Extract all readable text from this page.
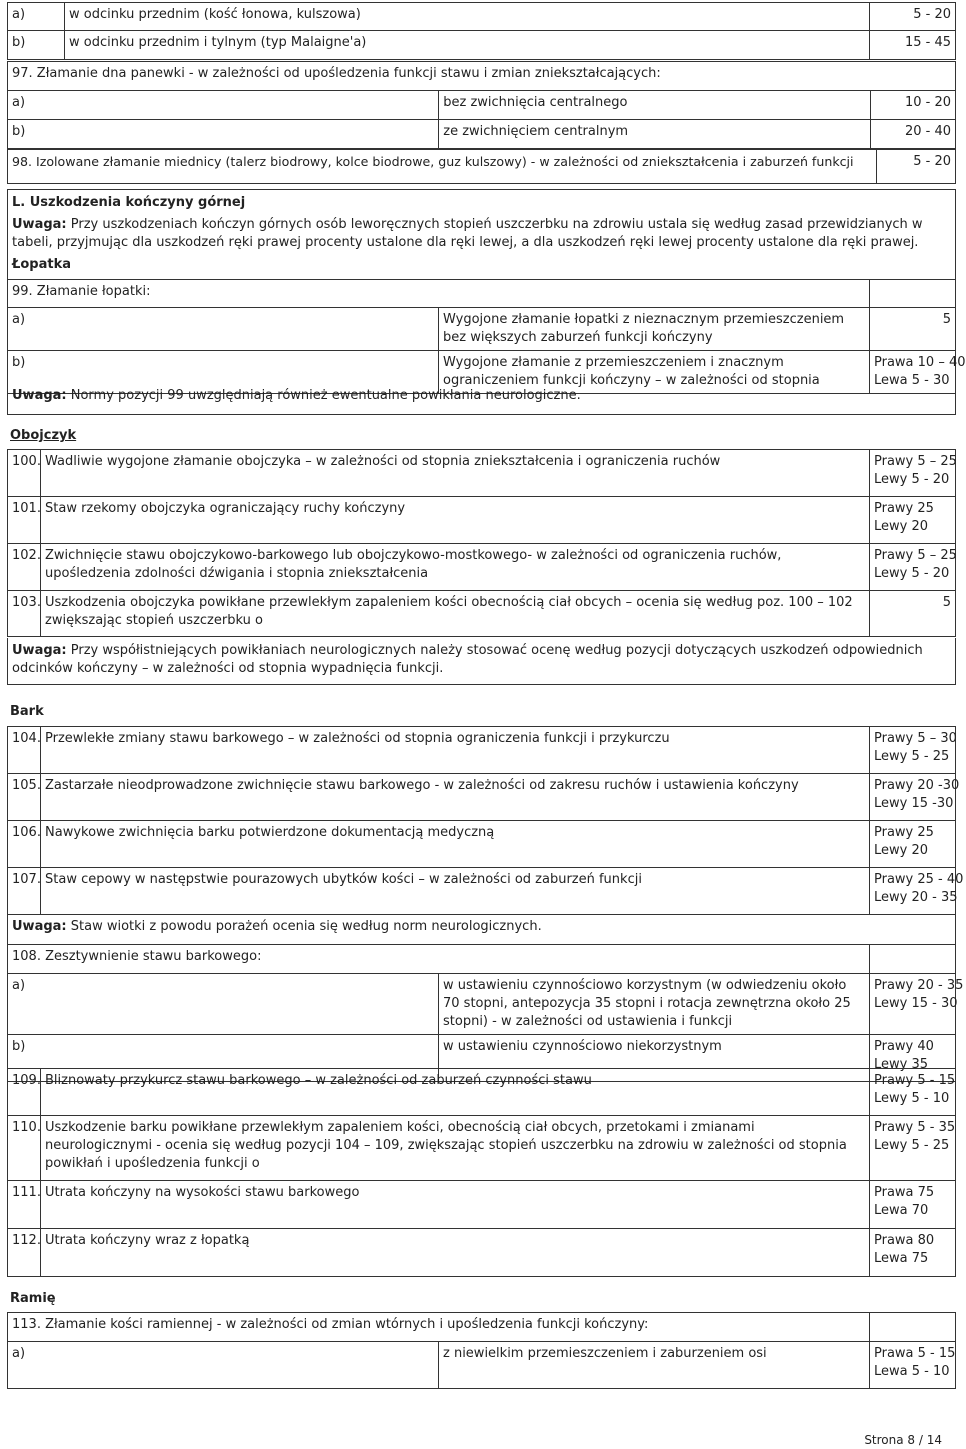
a)	w odcinku przednim (kość łonowa, kulszowa)	5 - 20
b)	w odcinku przednim i tylnym (typ Malaigne'a)	15 - 45
97. Złamanie dna panewki - w zależności od upośledzenia funkcji stawu i zmian zniekształcających:		
a)	bez zwichnięcia centralnego	10 - 20
b)	ze zwichnięciem centralnym	20 - 40
98. Izolowane złamanie miednicy (talerz biodrowy, kolce biodrowe, guz kulszowy) - w zależności od zniekształcenia i zaburzeń funkcji	5 - 20
L. Uszkodzenia kończyny górnej
Uwaga: Przy uszkodzeniach kończyn górnych osób leworęcznych stopień uszczerbku na zdrowiu ustala się według zasad przewidzianych w tabeli, przyjmując dla uszkodzeń ręki prawej procenty ustalone dla ręki lewej, a dla uszkodzeń ręki lewej procenty ustalone dla ręki prawej.
Łopatka
99. Złamanie łopatki:		
a)	Wygojone złamanie łopatki z nieznacznym przemieszczeniem bez większych zaburzeń funkcji kończyny	5
b)	Wygojone złamanie z przemieszczeniem i znacznym ograniczeniem funkcji kończyny – w zależności od stopnia	Prawa 10 – 40
Lewa 5 - 30
Uwaga: Normy pozycji 99 uwzględniają również ewentualne powikłania neurologiczne.
Obojczyk
100.	Wadliwie wygojone złamanie obojczyka – w zależności od stopnia zniekształcenia i ograniczenia ruchów	Prawy 5 – 25
Lewy 5 - 20

101.	Staw rzekomy obojczyka ograniczający ruchy kończyny	Prawy 25
Lewy 20

102.	Zwichnięcie stawu obojczykowo-barkowego lub obojczykowo-mostkowego- w zależności od ograniczenia ruchów, upośledzenia zdolności dźwigania i stopnia zniekształcenia	Prawy 5 – 25
Lewy 5 - 20

103.	Uszkodzenia obojczyka powikłane przewlekłym zapaleniem kości obecnością ciał obcych – ocenia się według poz. 100 – 102 zwiększając stopień uszczerbku o	5
Uwaga: Przy współistniejących powikłaniach neurologicznych należy stosować ocenę według pozycji dotyczących uszkodzeń odpowiednich odcinków kończyny – w zależności od stopnia wypadnięcia funkcji.
Bark
104.	Przewlekłe zmiany stawu barkowego – w zależności od stopnia ograniczenia funkcji i przykurczu	Prawy 5 – 30
Lewy 5 - 25

105.	Zastarzałe nieodprowadzone zwichnięcie stawu barkowego - w zależności od zakresu ruchów i ustawienia kończyny	Prawy 20 -30
Lewy 15 -30

106.	Nawykowe zwichnięcia barku potwierdzone dokumentacją medyczną	Prawy 25
Lewy 20

107.	Staw cepowy w następstwie pourazowych ubytków kości – w zależności od zaburzeń funkcji	Prawy 25 - 40
Lewy 20 - 35
Uwaga: Staw wiotki z powodu porażeń ocenia się według norm neurologicznych.
108. Zesztywnienie stawu barkowego:		
a)	w ustawieniu czynnościowo korzystnym (w odwiedzeniu około 70 stopni, antepozycja 35 stopni i rotacja zewnętrzna około 25 stopni) - w zależności od ustawienia i funkcji	Prawy 20 - 35
Lewy 15 - 30

b)	w ustawieniu czynnościowo niekorzystnym	Prawy 40
Lewy 35
109.	Bliznowaty przykurcz stawu barkowego – w zależności od zaburzeń czynności stawu	Prawy 5 - 15
Lewy 5 - 10

110.	Uszkodzenie barku powikłane przewlekłym zapaleniem kości, obecnością ciał obcych, przetokami i zmianami neurologicznymi - ocenia się według pozycji 104 – 109, zwiększając stopień uszczerbku na zdrowiu w zależności od stopnia powikłań i upośledzenia funkcji o	Prawy 5 - 35
Lewy 5 - 25

111.	Utrata kończyny na wysokości stawu barkowego	Prawa 75
Lewa 70

112.	Utrata kończyny wraz z łopatką	Prawa 80
Lewa 75
Ramię
113. Złamanie kości ramiennej - w zależności od zmian wtórnych i upośledzenia funkcji kończyny:		
a)	z niewielkim przemieszczeniem i zaburzeniem osi	Prawa 5 - 15
Lewa 5 - 10
Strona 8 / 14
